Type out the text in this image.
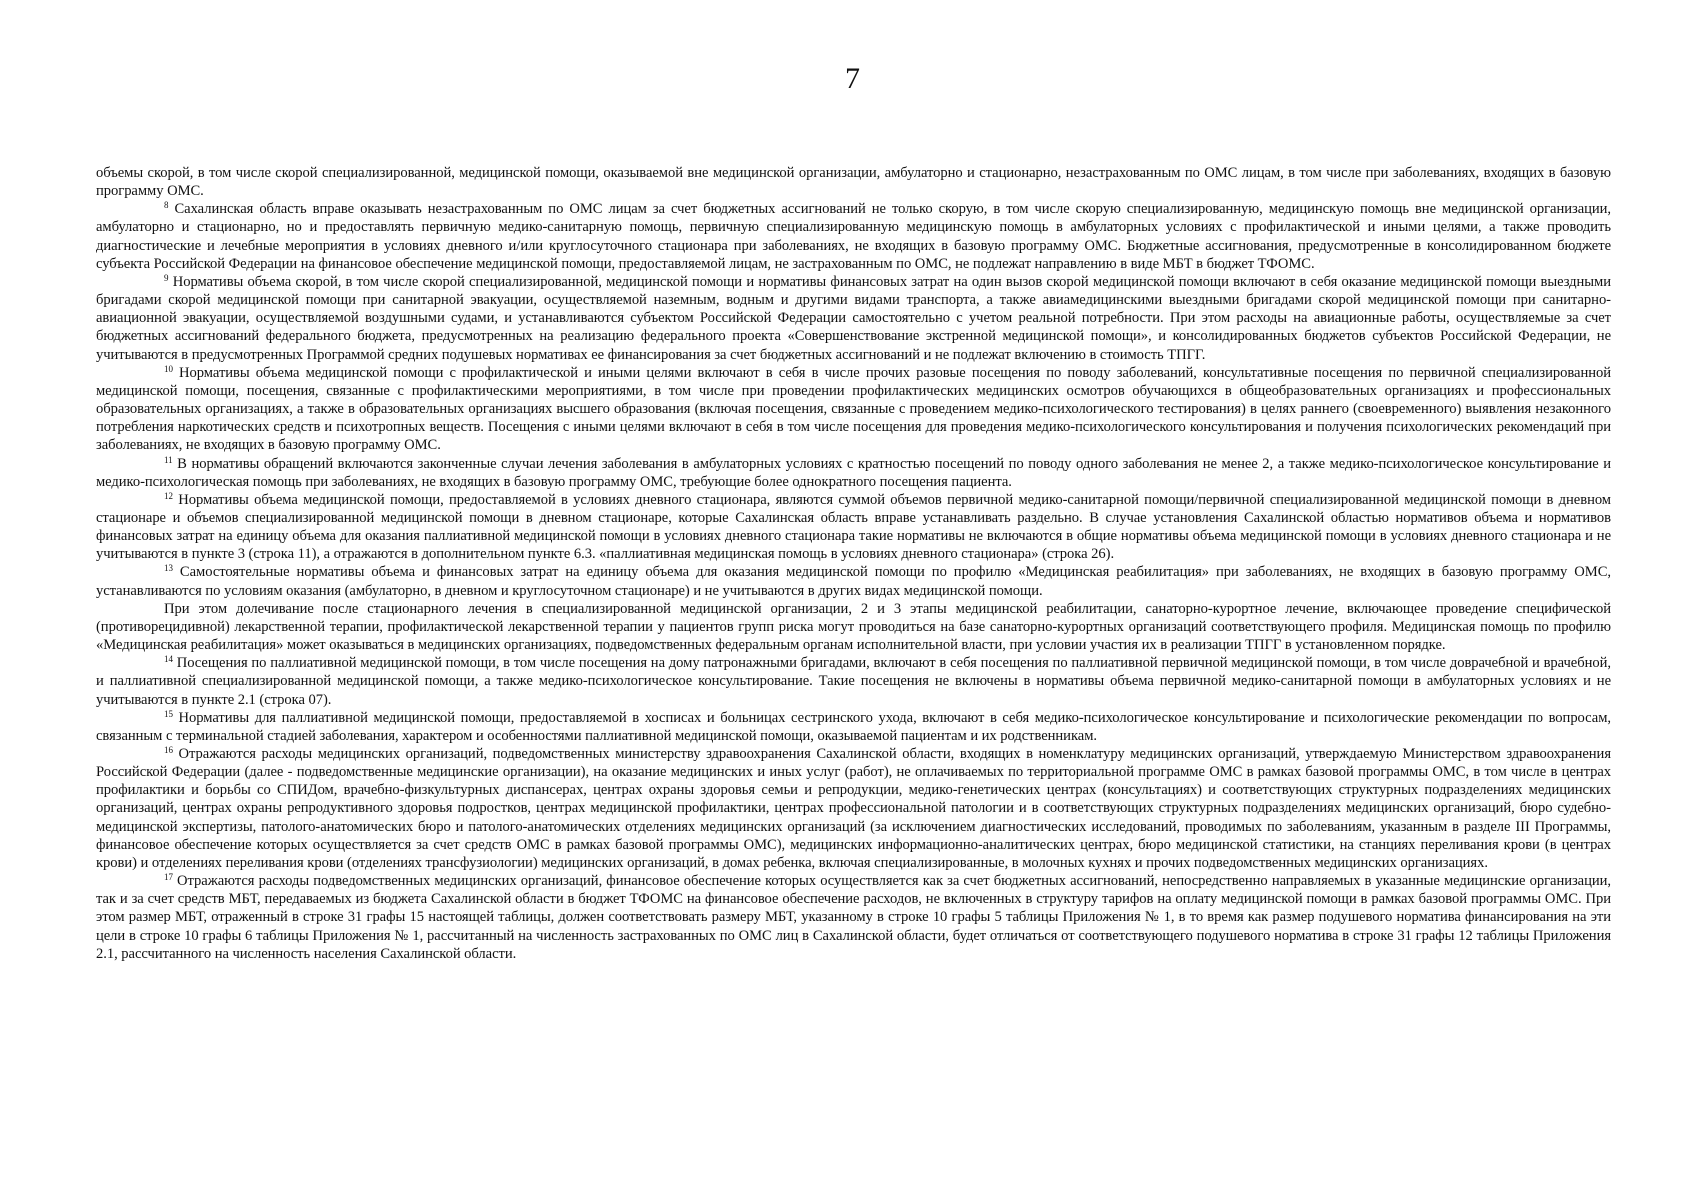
7

объемы скорой, в том числе скорой специализированной, медицинской помощи, оказываемой вне медицинской организации, амбулаторно и стационарно, незастрахованным по ОМС лицам, в том числе при заболеваниях, входящих в базовую программу ОМС.

$^8$ Сахалинская область вправе оказывать незастрахованным по ОМС лицам за счет бюджетных ассигнований не только скорую, в том числе скорую специализированную, медицинскую помощь вне медицинской организации, амбулаторно и стационарно, но и предоставлять первичную медико-санитарную помощь, первичную специализированную медицинскую помощь в амбулаторных условиях с профилактической и иными целями, а также проводить диагностические и лечебные мероприятия в условиях дневного и/или круглосуточного стационара при заболеваниях, не входящих в базовую программу ОМС. Бюджетные ассигнования, предусмотренные в консолидированном бюджете субъекта Российской Федерации на финансовое обеспечение медицинской помощи, предоставляемой лицам, не застрахованным по ОМС, не подлежат направлению в виде МБТ в бюджет ТФОМС.

$^9$ Нормативы объема скорой, в том числе скорой специализированной, медицинской помощи и нормативы финансовых затрат на один вызов скорой медицинской помощи включают в себя оказание медицинской помощи выездными бригадами скорой медицинской помощи при санитарной эвакуации, осуществляемой наземным, водным и другими видами транспорта, а также авиамедицинскими выездными бригадами скорой медицинской помощи при санитарно-авиационной эвакуации, осуществляемой воздушными судами, и устанавливаются субъектом Российской Федерации самостоятельно с учетом реальной потребности. При этом расходы на авиационные работы, осуществляемые за счет бюджетных ассигнований федерального бюджета, предусмотренных на реализацию федерального проекта «Совершенствование экстренной медицинской помощи», и консолидированных бюджетов субъектов Российской Федерации, не учитываются в предусмотренных Программой средних подушевых нормативах ее финансирования за счет бюджетных ассигнований и не подлежат включению в стоимость ТПГГ.

$^{10}$ Нормативы объема медицинской помощи с профилактической и иными целями включают в себя в числе прочих разовые посещения по поводу заболеваний, консультативные посещения по первичной специализированной медицинской помощи, посещения, связанные с профилактическими мероприятиями, в том числе при проведении профилактических медицинских осмотров обучающихся в общеобразовательных организациях и профессиональных образовательных организациях, а также в образовательных организациях высшего образования (включая посещения, связанные с проведением медико-психологического тестирования) в целях раннего (своевременного) выявления незаконного потребления наркотических средств и психотропных веществ. Посещения с иными целями включают в себя в том числе посещения для проведения медико-психологического консультирования и получения психологических рекомендаций при заболеваниях, не входящих в базовую программу ОМС.

$^{11}$ В нормативы обращений включаются законченные случаи лечения заболевания в амбулаторных условиях с кратностью посещений по поводу одного заболевания не менее 2, а также медико-психологическое консультирование и медико-психологическая помощь при заболеваниях, не входящих в базовую программу ОМС, требующие более однократного посещения пациента.

$^{12}$ Нормативы объема медицинской помощи, предоставляемой в условиях дневного стационара, являются суммой объемов первичной медико-санитарной помощи/первичной специализированной медицинской помощи в дневном стационаре и объемов специализированной медицинской помощи в дневном стационаре, которые Сахалинская область вправе устанавливать раздельно. В случае установления Сахалинской областью нормативов объема и нормативов финансовых затрат на единицу объема для оказания паллиативной медицинской помощи в условиях дневного стационара такие нормативы не включаются в общие нормативы объема медицинской помощи в условиях дневного стационара и не учитываются в пункте 3 (строка 11), а отражаются в дополнительном пункте 6.3. «паллиативная медицинская помощь в условиях дневного стационара» (строка 26).

$^{13}$ Самостоятельные нормативы объема и финансовых затрат на единицу объема для оказания медицинской помощи по профилю «Медицинская реабилитация» при заболеваниях, не входящих в базовую программу ОМС, устанавливаются по условиям оказания (амбулаторно, в дневном и круглосуточном стационаре) и не учитываются в других видах медицинской помощи.

При этом долечивание после стационарного лечения в специализированной медицинской организации, 2 и 3 этапы медицинской реабилитации, санаторно-курортное лечение, включающее проведение специфической (противорецидивной) лекарственной терапии, профилактической лекарственной терапии у пациентов групп риска могут проводиться на базе санаторно-курортных организаций соответствующего профиля. Медицинская помощь по профилю «Медицинская реабилитация» может оказываться в медицинских организациях, подведомственных федеральным органам исполнительной власти, при условии участия их в реализации ТПГГ в установленном порядке.

$^{14}$ Посещения по паллиативной медицинской помощи, в том числе посещения на дому патронажными бригадами, включают в себя посещения по паллиативной первичной медицинской помощи, в том числе доврачебной и врачебной, и паллиативной специализированной медицинской помощи, а также медико-психологическое консультирование. Такие посещения не включены в нормативы объема первичной медико-санитарной помощи в амбулаторных условиях и не учитываются в пункте 2.1 (строка 07).

$^{15}$ Нормативы для паллиативной медицинской помощи, предоставляемой в хосписах и больницах сестринского ухода, включают в себя медико-психологическое консультирование и психологические рекомендации по вопросам, связанным с терминальной стадией заболевания, характером и особенностями паллиативной медицинской помощи, оказываемой пациентам и их родственникам.

$^{16}$ Отражаются расходы медицинских организаций, подведомственных министерству здравоохранения Сахалинской области, входящих в номенклатуру медицинских организаций, утверждаемую Министерством здравоохранения Российской Федерации (далее - подведомственные медицинские организации), на оказание медицинских и иных услуг (работ), не оплачиваемых по территориальной программе ОМС в рамках базовой программы ОМС, в том числе в центрах профилактики и борьбы со СПИДом, врачебно-физкультурных диспансерах, центрах охраны здоровья семьи и репродукции, медико-генетических центрах (консультациях) и соответствующих структурных подразделениях медицинских организаций, центрах охраны репродуктивного здоровья подростков, центрах медицинской профилактики, центрах профессиональной патологии и в соответствующих структурных подразделениях медицинских организаций, бюро судебно-медицинской экспертизы, патолого-анатомических бюро и патолого-анатомических отделениях медицинских организаций (за исключением диагностических исследований, проводимых по заболеваниям, указанным в разделе III Программы, финансовое обеспечение которых осуществляется за счет средств ОМС в рамках базовой программы ОМС), медицинских информационно-аналитических центрах, бюро медицинской статистики, на станциях переливания крови (в центрах крови) и отделениях переливания крови (отделениях трансфузиологии) медицинских организаций, в домах ребенка, включая специализированные, в молочных кухнях и прочих подведомственных медицинских организациях.

$^{17}$ Отражаются расходы подведомственных медицинских организаций, финансовое обеспечение которых осуществляется как за счет бюджетных ассигнований, непосредственно направляемых в указанные медицинские организации, так и за счет средств МБТ, передаваемых из бюджета Сахалинской области в бюджет ТФОМС на финансовое обеспечение расходов, не включенных в структуру тарифов на оплату медицинской помощи в рамках базовой программы ОМС. При этом размер МБТ, отраженный в строке 31 графы 15 настоящей таблицы, должен соответствовать размеру МБТ, указанному в строке 10 графы 5 таблицы Приложения № 1, в то время как размер подушевого норматива финансирования на эти цели в строке 10 графы 6 таблицы Приложения № 1, рассчитанный на численность застрахованных по ОМС лиц в Сахалинской области, будет отличаться от соответствующего подушевого норматива в строке 31 графы 12 таблицы Приложения 2.1, рассчитанного на численность населения Сахалинской области.
